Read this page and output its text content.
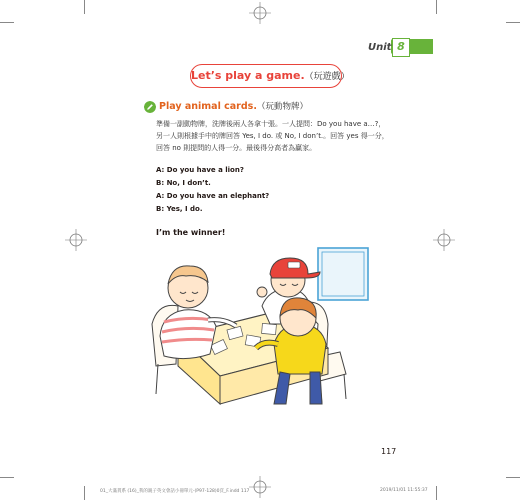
Unit 8
Let’s play a game.（玩遊戲）
Play animal cards.（玩動物牌）
準備一副動物牌，洗牌後兩人各拿十張。一人提問：Do you have a…?，
另一人則根據手中的牌回答 Yes, I do. 或 No, I don’t.。回答 yes 得一分，
回答 no 則提問的人得一分。最後得分高者為贏家。
A: Do you have a lion?
B: No, I don’t.
A: Do you have an elephant?
B: Yes, I do.
I’m the winner!
117
01_大滿貫系 (16)_我的親子英文會話小冊單元-(P97-128)0頁_F.indd 117	2019/11/01 11:55:37
